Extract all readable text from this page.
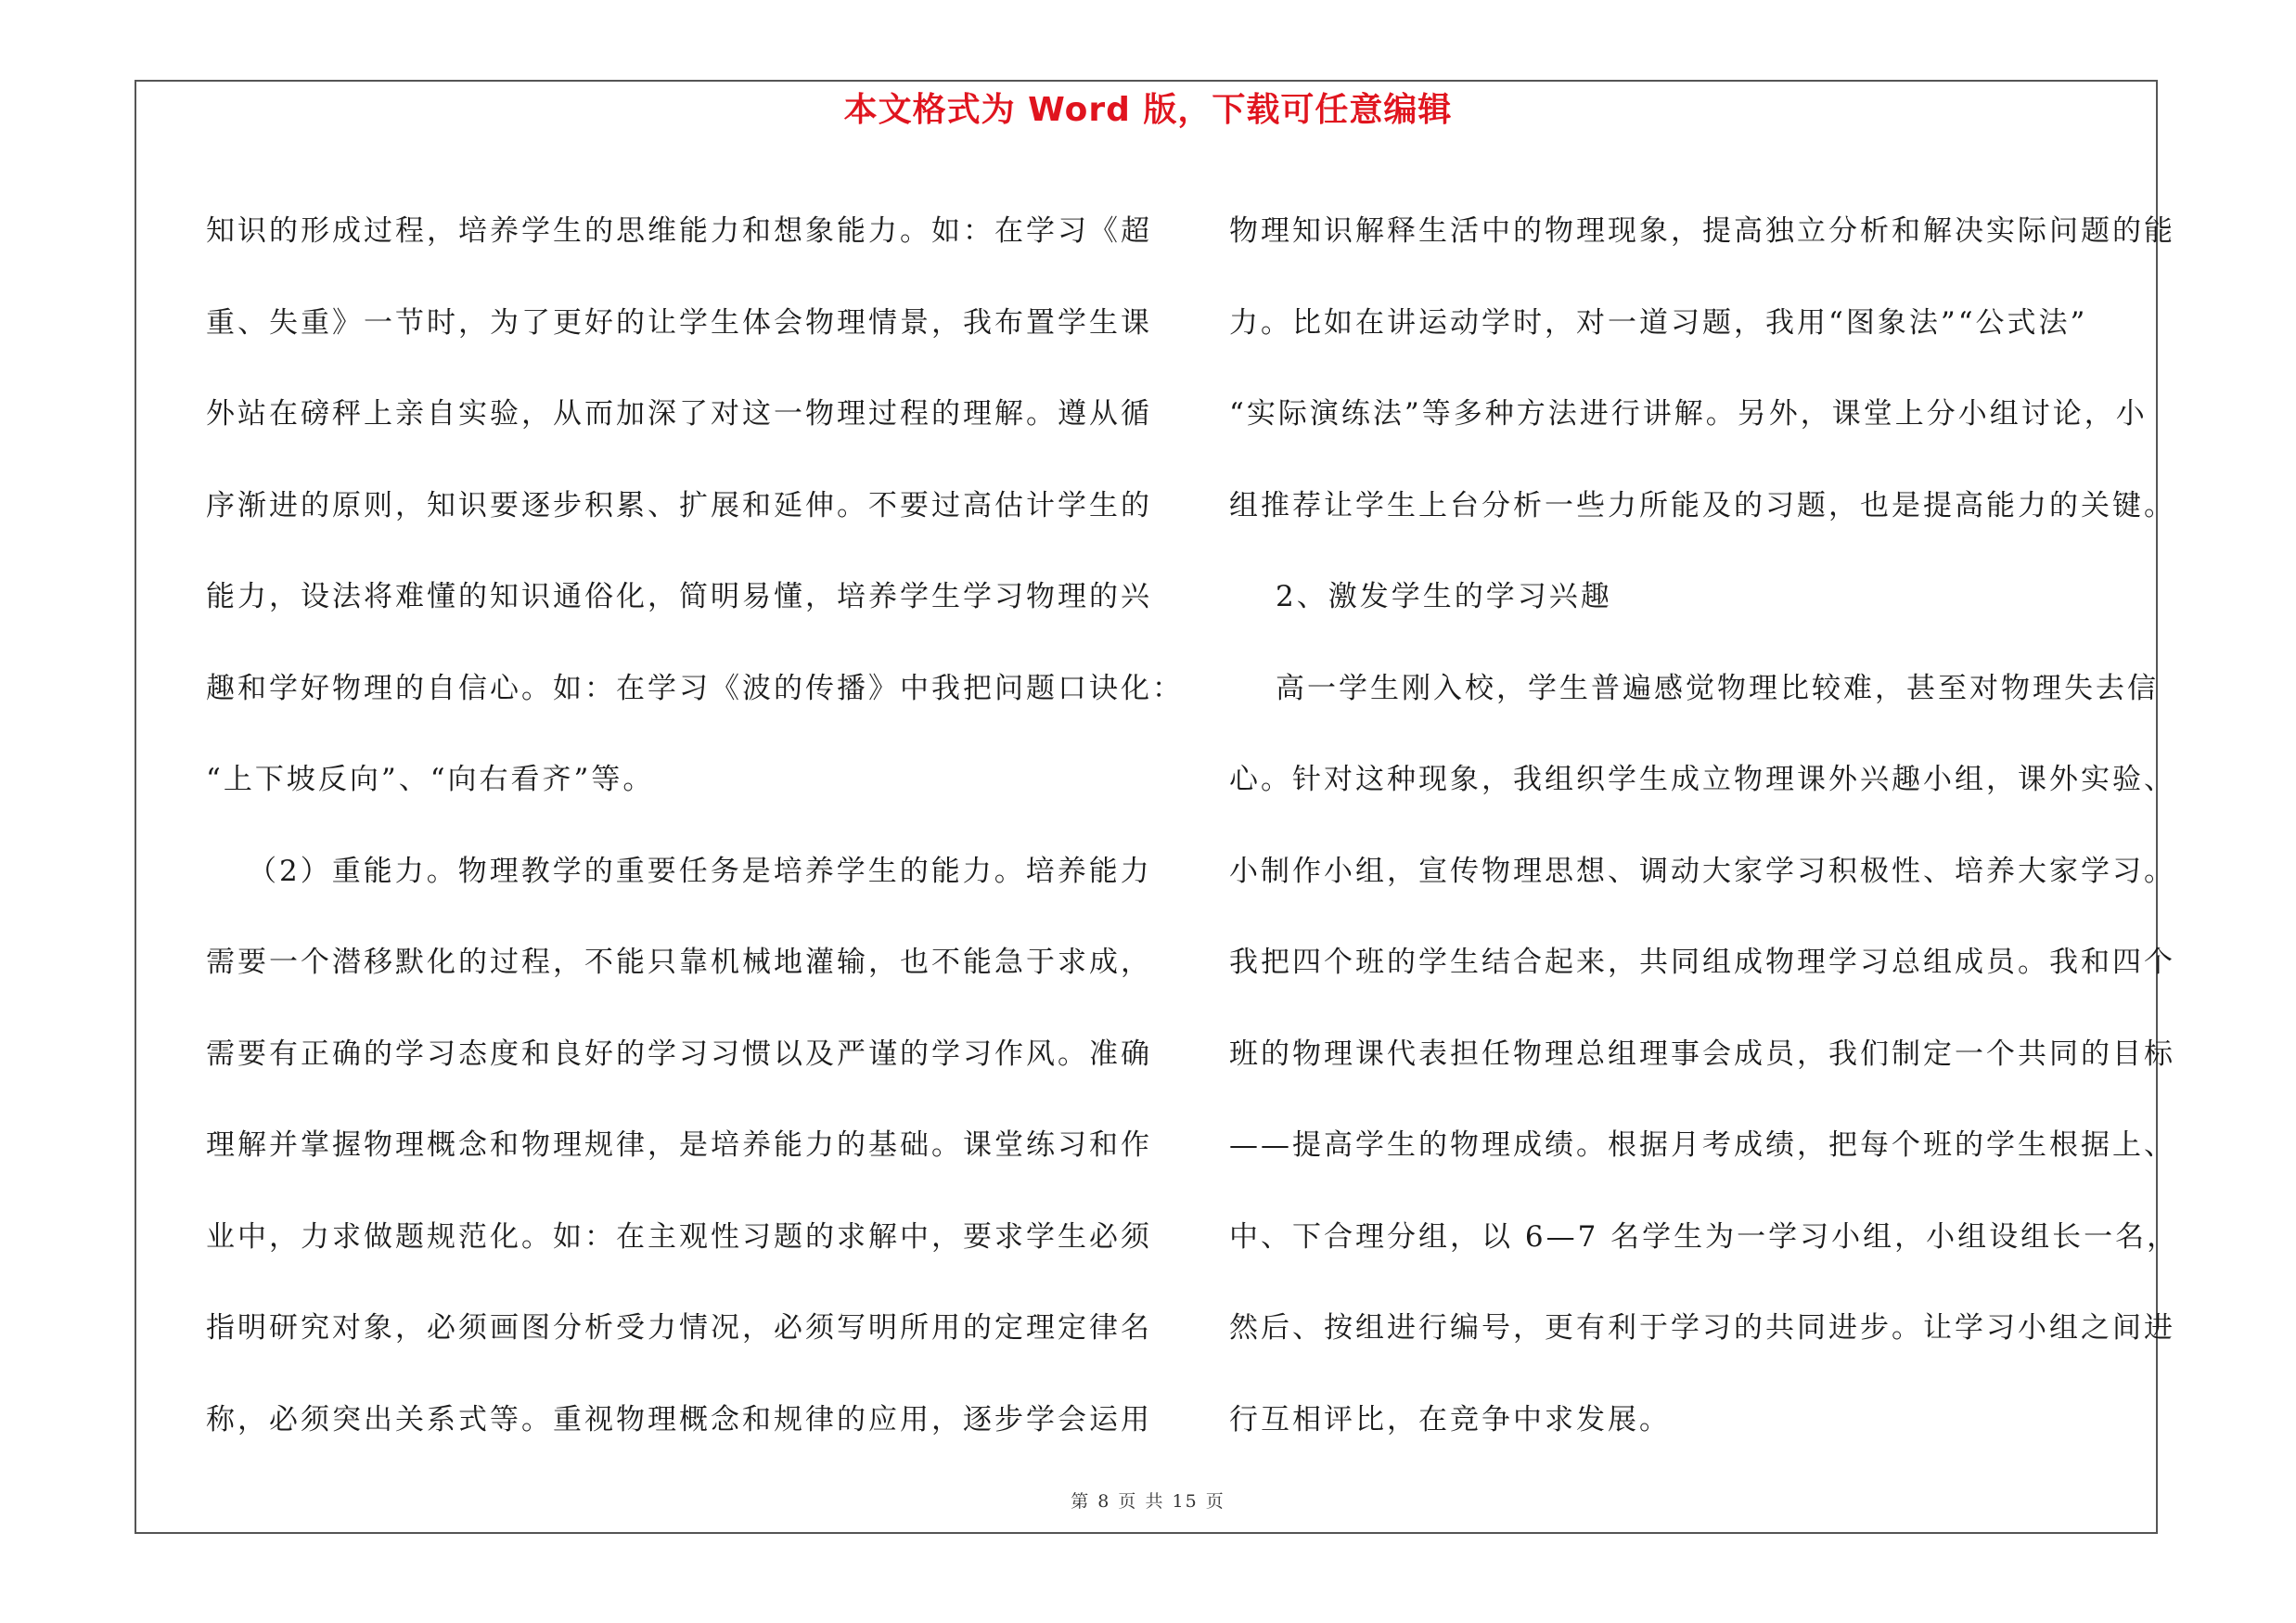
本文格式为 Word 版，下载可任意编辑
知识的形成过程，培养学生的思维能力和想象能力。如：在学习《超
重、失重》一节时，为了更好的让学生体会物理情景，我布置学生课
外站在磅秤上亲自实验，从而加深了对这一物理过程的理解。遵从循
序渐进的原则，知识要逐步积累、扩展和延伸。不要过高估计学生的
能力，设法将难懂的知识通俗化，简明易懂，培养学生学习物理的兴
趣和学好物理的自信心。如：在学习《波的传播》中我把问题口诀化：
“上下坡反向”、“向右看齐”等。
（2）重能力。物理教学的重要任务是培养学生的能力。培养能力
需要一个潜移默化的过程，不能只靠机械地灌输，也不能急于求成，
需要有正确的学习态度和良好的学习习惯以及严谨的学习作风。准确
理解并掌握物理概念和物理规律，是培养能力的基础。课堂练习和作
业中，力求做题规范化。如：在主观性习题的求解中，要求学生必须
指明研究对象，必须画图分析受力情况，必须写明所用的定理定律名
称，必须突出关系式等。重视物理概念和规律的应用，逐步学会运用
物理知识解释生活中的物理现象，提高独立分析和解决实际问题的能
力。比如在讲运动学时，对一道习题，我用“图象法”“公式法”
“实际演练法”等多种方法进行讲解。另外，课堂上分小组讨论，小
组推荐让学生上台分析一些力所能及的习题，也是提高能力的关键。
2、激发学生的学习兴趣
高一学生刚入校，学生普遍感觉物理比较难，甚至对物理失去信
心。针对这种现象，我组织学生成立物理课外兴趣小组，课外实验、
小制作小组，宣传物理思想、调动大家学习积极性、培养大家学习。
我把四个班的学生结合起来，共同组成物理学习总组成员。我和四个
班的物理课代表担任物理总组理事会成员，我们制定一个共同的目标
——提高学生的物理成绩。根据月考成绩，把每个班的学生根据上、
中、下合理分组，以 6—7 名学生为一学习小组，小组设组长一名，
然后、按组进行编号，更有利于学习的共同进步。让学习小组之间进
行互相评比，在竞争中求发展。
第 8 页 共 15 页
